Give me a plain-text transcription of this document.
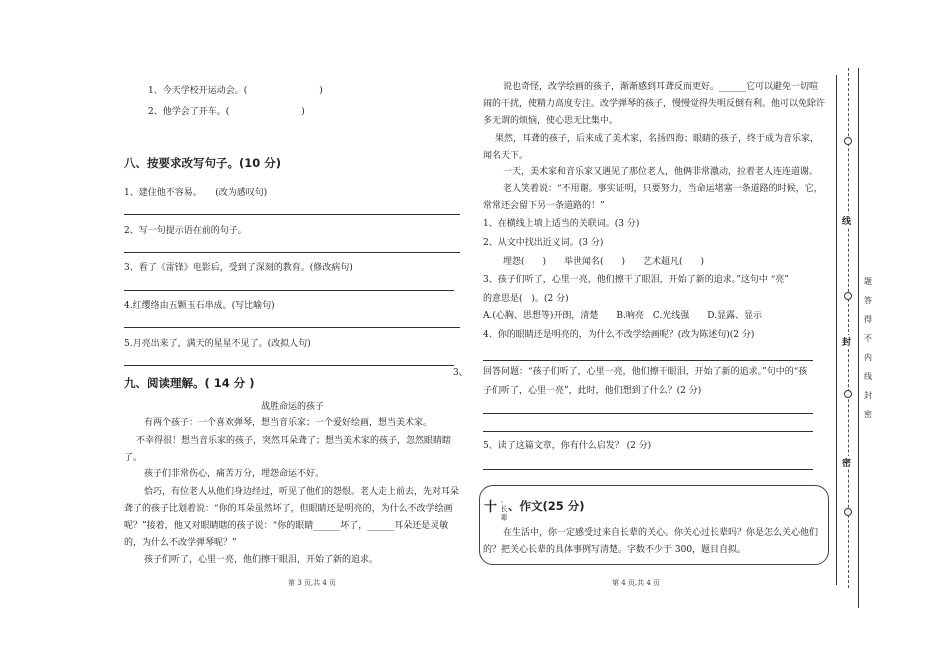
1、今天学校开运动会。(　　　　　　　　)
2、他学会了开车。(　　　　　　　　)
八、按要求改写句子。(10 分)
1、建住他不容易。　　(改为感叹句)
2、写一句提示语在前的句子。
3、看了《雷锋》电影后，受到了深刻的教育。(修改病句)
4.红缨络由五颗玉石串成。(写比喻句)
5.月亮出来了，满天的星星不见了。(改拟人句)
3、
九、阅读理解。( 14 分 )
战胜命运的孩子
有两个孩子：一个喜欢弹琴，想当音乐家；一个爱好绘画，想当美术家。
不幸得很！想当音乐家的孩子，突然耳朵聋了；想当美术家的孩子，忽然眼睛瞎了。
孩子们非常伤心，痛苦万分，埋怨命运不好。
恰巧，有位老人从他们身边经过，听见了他们的怨恨。老人走上前去，先对耳朵聋了的孩子比划着说：“你的耳朵虽然坏了，但眼睛还是明亮的，为什么不改学绘画呢？”接着，他又对眼睛瞎的孩子说：“你的眼睛______坏了，______耳朵还是灵敏的，为什么不改学弹琴呢？”
孩子们听了，心里一亮，他们擦干眼泪，开始了新的追求。
第 3 页,共 4 页
说也奇怪，改学绘画的孩子，渐渐感到耳聋反而更好。______它可以避免一切喧闹的干扰，使精力高度专注。改学弹琴的孩子，慢慢觉得失明反倒有利。他可以免除许多无谓的烦恼，使心思无比集中。
果然，耳聋的孩子，后来成了美术家，名扬四海；眼睛的孩子，终于成为音乐家，闻名天下。
一天，美术家和音乐家又遇见了那位老人，他俩非常激动，拉着老人连连道谢。
老人笑着说：“不用谢。事实证明，只要努力，当命运堵塞一条道路的时候，它，常常还会留下另一条道路的！”
1、在横线上填上适当的关联词。(3 分)
2、从文中找出近义词。(3 分)
埋怨(　　)　　举世闻名(　　)　　艺术超凡(　　)
3、孩子们听了，心里一亮，他们擦干了眼泪，开始了新的追求。”这句中 “亮”
的意思是(　)。(2 分)
A.(心胸、思想等)开朗，清楚　　B.响亮　C.光线强　　D.显露、显示
4、你的眼睛还是明亮的，为什么不改学绘画呢？(改为陈述句)(2 分)
回答问题：“孩子们听了，心里一亮，他们擦干眼泪，开始了新的追求。”句中的“孩
子们听了，心里一亮”，此时，他们想到了什么？(2 分)
5、读了这篇文章，你有什么启发？ (2 分)
十 、长辈
、作文(25 分)
在生活中，你一定感受过来自长辈的关心。你关心过长辈吗？你是怎么关心他们的？把关心长辈的具体事例写清楚。字数不少于 300，题目自拟。
第 4 页,共 4 页
线
封
密
题答得不内线封密
